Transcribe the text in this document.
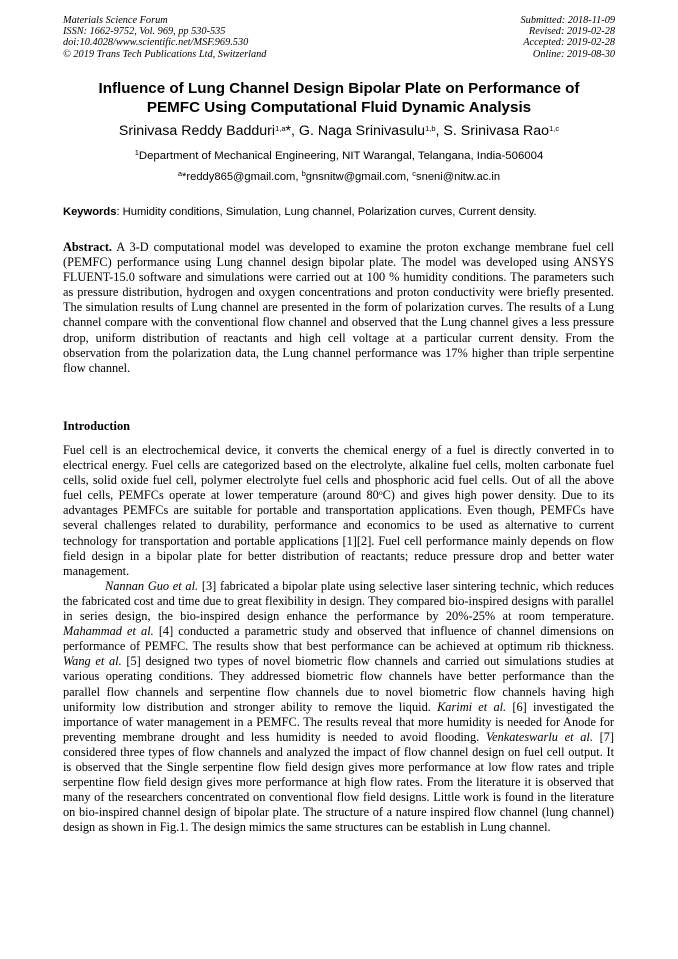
Materials Science Forum
ISSN: 1662-9752, Vol. 969, pp 530-535
doi:10.4028/www.scientific.net/MSF.969.530
© 2019 Trans Tech Publications Ltd, Switzerland
Submitted: 2018-11-09
Revised: 2019-02-28
Accepted: 2019-02-28
Online: 2019-08-30
Influence of Lung Channel Design Bipolar Plate on Performance of
PEMFC Using Computational Fluid Dynamic Analysis
Srinivasa Reddy Badduri$^{1,a}$*, G. Naga Srinivasulu$^{1,b}$, S. Srinivasa Rao$^{1,c}$
$^1$Department of Mechanical Engineering, NIT Warangal, Telangana, India-506004
$^a$*reddy865@gmail.com, $^b$gnsnitw@gmail.com, $^c$sneni@nitw.ac.in
Keywords: Humidity conditions, Simulation, Lung channel, Polarization curves, Current density.
Abstract. A 3-D computational model was developed to examine the proton exchange membrane fuel cell (PEMFC) performance using Lung channel design bipolar plate. The model was developed using ANSYS FLUENT-15.0 software and simulations were carried out at 100 % humidity conditions. The parameters such as pressure distribution, hydrogen and oxygen concentrations and proton conductivity were briefly presented. The simulation results of Lung channel are presented in the form of polarization curves. The results of a Lung channel compare with the conventional flow channel and observed that the Lung channel gives a less pressure drop, uniform distribution of reactants and high cell voltage at a particular current density. From the observation from the polarization data, the Lung channel performance was 17% higher than triple serpentine flow channel.
Introduction

Fuel cell is an electrochemical device, it converts the chemical energy of a fuel is directly converted in to electrical energy. Fuel cells are categorized based on the electrolyte, alkaline fuel cells, molten carbonate fuel cells, solid oxide fuel cell, polymer electrolyte fuel cells and phosphoric acid fuel cells. Out of all the above fuel cells, PEMFCs operate at lower temperature (around 80$^o$C) and gives high power density. Due to its advantages PEMFCs are suitable for portable and transportation applications. Even though, PEMFCs have several challenges related to durability, performance and economics to be used as alternative to current technology for transportation and portable applications [1][2]. Fuel cell performance mainly depends on flow field design in a bipolar plate for better distribution of reactants; reduce pressure drop and better water management.

Nannan Guo et al. [3] fabricated a bipolar plate using selective laser sintering technic, which reduces the fabricated cost and time due to great flexibility in design. They compared bio-inspired designs with parallel in series design, the bio-inspired design enhance the performance by 20%-25% at room temperature. Mahammad et al. [4] conducted a parametric study and observed that influence of channel dimensions on performance of PEMFC. The results show that best performance can be achieved at optimum rib thickness. Wang et al. [5] designed two types of novel biometric flow channels and carried out simulations studies at various operating conditions. They addressed biometric flow channels have better performance than the parallel flow channels and serpentine flow channels due to novel biometric flow channels having high uniformity low distribution and stronger ability to remove the liquid. Karimi et al. [6] investigated the importance of water management in a PEMFC. The results reveal that more humidity is needed for Anode for preventing membrane drought and less humidity is needed to avoid flooding. Venkateswarlu et al. [7] considered three types of flow channels and analyzed the impact of flow channel design on fuel cell output. It is observed that the Single serpentine flow field design gives more performance at low flow rates and triple serpentine flow field design gives more performance at high flow rates. From the literature it is observed that many of the researchers concentrated on conventional flow field designs. Little work is found in the literature on bio-inspired channel design of bipolar plate. The structure of a nature inspired flow channel (lung channel) design as shown in Fig.1. The design mimics the same structures can be establish in Lung channel.
